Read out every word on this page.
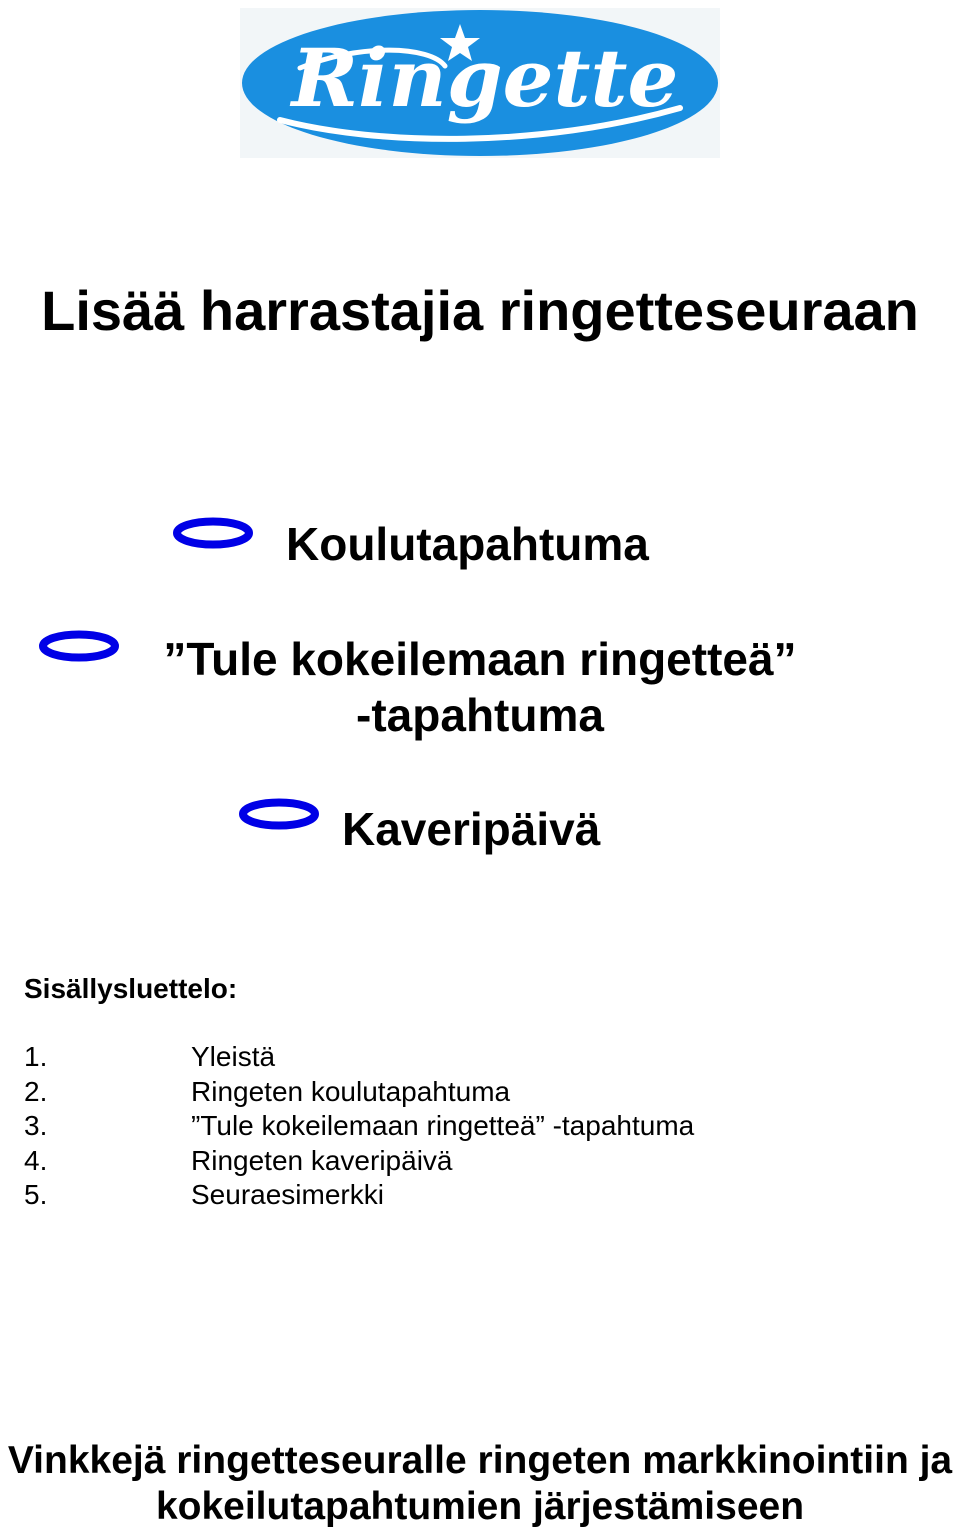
Ringette
Lisää harrastajia ringetteseuraan
Koulutapahtuma
”Tule kokeilemaan ringetteä”
-tapahtuma
Kaveripäivä
Sisällysluettelo:
1.	Yleistä
2.	Ringeten koulutapahtuma
3.	”Tule kokeilemaan ringetteä” -tapahtuma
4.	Ringeten kaveripäivä
5.	Seuraesimerkki
Vinkkejä ringetteseuralle ringeten markkinointiin ja
kokeilutapahtumien järjestämiseen
